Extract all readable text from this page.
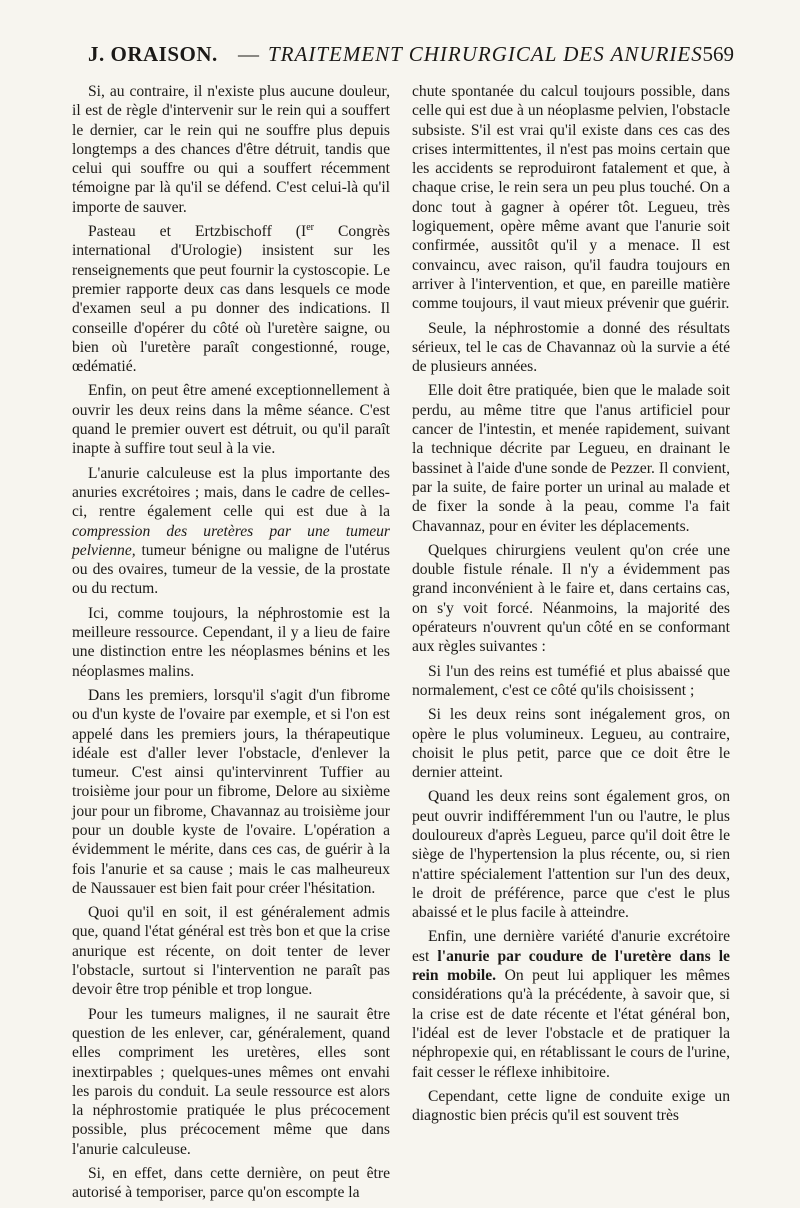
J. ORAISON. — TRAITEMENT CHIRURGICAL DES ANURIES 569

Si, au contraire, il n'existe plus aucune douleur, il est de règle d'intervenir sur le rein qui a souffert le dernier, car le rein qui ne souffre plus depuis longtemps a des chances d'être détruit, tandis que celui qui souffre ou qui a souffert récemment témoigne par là qu'il se défend. C'est celui-là qu'il importe de sauver.

Pasteau et Ertzbischoff (Ier Congrès international d'Urologie) insistent sur les renseignements que peut fournir la cystoscopie. Le premier rapporte deux cas dans lesquels ce mode d'examen seul a pu donner des indications. Il conseille d'opérer du côté où l'uretère saigne, ou bien où l'uretère paraît congestionné, rouge, œdématié.

Enfin, on peut être amené exceptionnellement à ouvrir les deux reins dans la même séance. C'est quand le premier ouvert est détruit, ou qu'il paraît inapte à suffire tout seul à la vie.

L'anurie calculeuse est la plus importante des anuries excrétoires ; mais, dans le cadre de celles-ci, rentre également celle qui est due à la compression des uretères par une tumeur pelvienne, tumeur bénigne ou maligne de l'utérus ou des ovaires, tumeur de la vessie, de la prostate ou du rectum.

Ici, comme toujours, la néphrostomie est la meilleure ressource. Cependant, il y a lieu de faire une distinction entre les néoplasmes bénins et les néoplasmes malins.

Dans les premiers, lorsqu'il s'agit d'un fibrome ou d'un kyste de l'ovaire par exemple, et si l'on est appelé dans les premiers jours, la thérapeutique idéale est d'aller lever l'obstacle, d'enlever la tumeur. C'est ainsi qu'intervinrent Tuffier au troisième jour pour un fibrome, Delore au sixième jour pour un fibrome, Chavannaz au troisième jour pour un double kyste de l'ovaire. L'opération a évidemment le mérite, dans ces cas, de guérir à la fois l'anurie et sa cause ; mais le cas malheureux de Naussauer est bien fait pour créer l'hésitation.

Quoi qu'il en soit, il est généralement admis que, quand l'état général est très bon et que la crise anurique est récente, on doit tenter de lever l'obstacle, surtout si l'intervention ne paraît pas devoir être trop pénible et trop longue.

Pour les tumeurs malignes, il ne saurait être question de les enlever, car, généralement, quand elles compriment les uretères, elles sont inextirpables ; quelques-unes mêmes ont envahi les parois du conduit. La seule ressource est alors la néphrostomie pratiquée le plus précocement possible, plus précocement même que dans l'anurie calculeuse.

Si, en effet, dans cette dernière, on peut être autorisé à temporiser, parce qu'on escompte la

chute spontanée du calcul toujours possible, dans celle qui est due à un néoplasme pelvien, l'obstacle subsiste. S'il est vrai qu'il existe dans ces cas des crises intermittentes, il n'est pas moins certain que les accidents se reproduiront fatalement et que, à chaque crise, le rein sera un peu plus touché. On a donc tout à gagner à opérer tôt. Legueu, très logiquement, opère même avant que l'anurie soit confirmée, aussitôt qu'il y a menace. Il est convaincu, avec raison, qu'il faudra toujours en arriver à l'intervention, et que, en pareille matière comme toujours, il vaut mieux prévenir que guérir.

Seule, la néphrostomie a donné des résultats sérieux, tel le cas de Chavannaz où la survie a été de plusieurs années.

Elle doit être pratiquée, bien que le malade soit perdu, au même titre que l'anus artificiel pour cancer de l'intestin, et menée rapidement, suivant la technique décrite par Legueu, en drainant le bassinet à l'aide d'une sonde de Pezzer. Il convient, par la suite, de faire porter un urinal au malade et de fixer la sonde à la peau, comme l'a fait Chavannaz, pour en éviter les déplacements.

Quelques chirurgiens veulent qu'on crée une double fistule rénale. Il n'y a évidemment pas grand inconvénient à le faire et, dans certains cas, on s'y voit forcé. Néanmoins, la majorité des opérateurs n'ouvrent qu'un côté en se conformant aux règles suivantes :

Si l'un des reins est tuméfié et plus abaissé que normalement, c'est ce côté qu'ils choisissent ;

Si les deux reins sont inégalement gros, on opère le plus volumineux. Legueu, au contraire, choisit le plus petit, parce que ce doit être le dernier atteint.

Quand les deux reins sont également gros, on peut ouvrir indifféremment l'un ou l'autre, le plus douloureux d'après Legueu, parce qu'il doit être le siège de l'hypertension la plus récente, ou, si rien n'attire spécialement l'attention sur l'un des deux, le droit de préférence, parce que c'est le plus abaissé et le plus facile à atteindre.

Enfin, une dernière variété d'anurie excrétoire est l'anurie par coudure de l'uretère dans le rein mobile. On peut lui appliquer les mêmes considérations qu'à la précédente, à savoir que, si la crise est de date récente et l'état général bon, l'idéal est de lever l'obstacle et de pratiquer la néphropexie qui, en rétablissant le cours de l'urine, fait cesser le réflexe inhibitoire.

Cependant, cette ligne de conduite exige un diagnostic bien précis qu'il est souvent très
